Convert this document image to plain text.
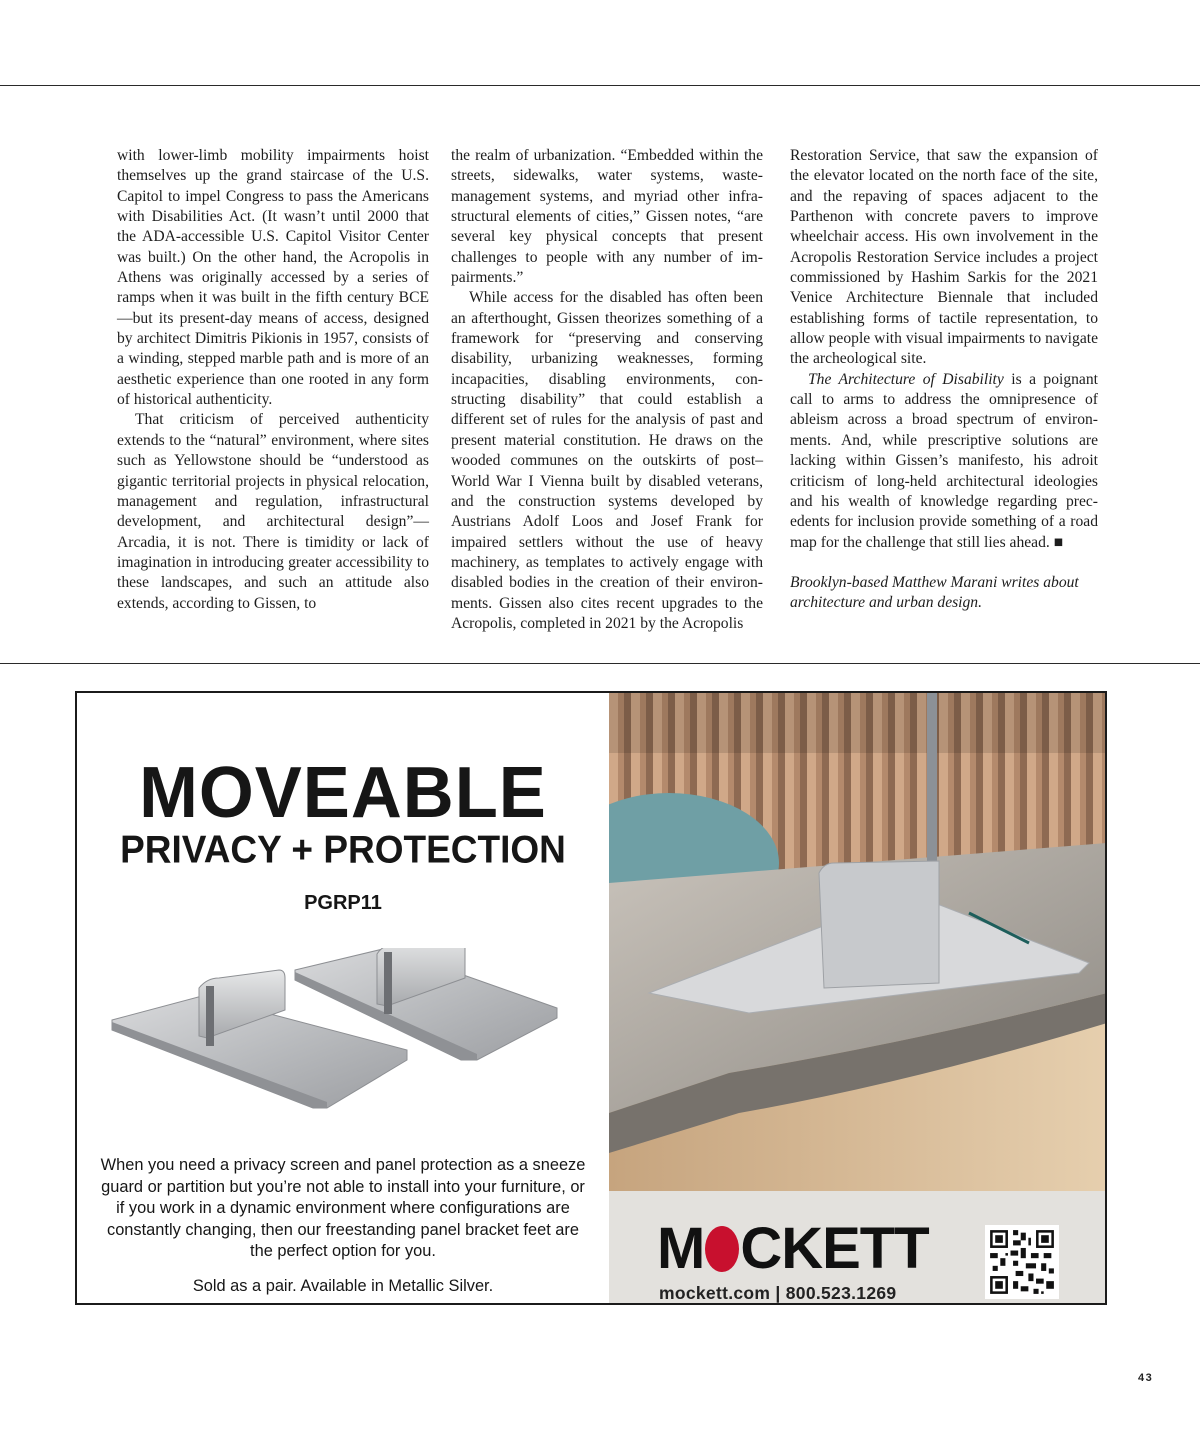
with lower-limb mobility impairments hoist themselves up the grand staircase of the U.S. Capitol to impel Congress to pass the Americans with Disabilities Act. (It wasn’t until 2000 that the ADA-accessible U.S. Capitol Visitor Center was built.) On the other hand, the Acropolis in Athens was originally accessed by a series of ramps when it was built in the fifth century BCE—but its present-day means of access, designed by architect Dimitris Pikionis in 1957, consists of a winding, stepped marble path and is more of an aesthetic experience than one rooted in any form of historical authenticity.

That criticism of perceived authenticity extends to the “natural” environment, where sites such as Yellowstone should be “understood as gigantic territorial projects in physical relocation, management and regulation, infrastructural development, and architectural design”—Arcadia, it is not. There is timidity or lack of imagination in introducing greater accessibility to these landscapes, and such an attitude also extends, according to Gissen, to

the realm of urbanization. “Embedded within the streets, sidewalks, water systems, wastemanagement systems, and myriad other infrastructural elements of cities,” Gissen notes, “are several key physical concepts that present challenges to people with any number of impairments.”

While access for the disabled has often been an afterthought, Gissen theorizes something of a framework for “preserving and conserving disability, urbanizing weaknesses, forming incapacities, disabling environments, constructing disability” that could establish a different set of rules for the analysis of past and present material constitution. He draws on the wooded communes on the outskirts of post–World War I Vienna built by disabled veterans, and the construction systems developed by Austrians Adolf Loos and Josef Frank for impaired settlers without the use of heavy machinery, as templates to actively engage with disabled bodies in the creation of their environments. Gissen also cites recent upgrades to the Acropolis, completed in 2021 by the Acropolis

Restoration Service, that saw the expansion of the elevator located on the north face of the site, and the repaving of spaces adjacent to the Parthenon with concrete pavers to improve wheelchair access. His own involvement in the Acropolis Restoration Service includes a project commissioned by Hashim Sarkis for the 2021 Venice Architecture Biennale that included establishing forms of tactile representation, to allow people with visual impairments to navigate the archeological site.

The Architecture of Disability is a poignant call to arms to address the omnipresence of ableism across a broad spectrum of environments. And, while prescriptive solutions are lacking within Gissen’s manifesto, his adroit criticism of long-held architectural ideologies and his wealth of knowledge regarding precedents for inclusion provide something of a road map for the challenge that still lies ahead. ■

Brooklyn-based Matthew Marani writes about architecture and urban design.

MOVEABLE
PRIVACY + PROTECTION
PGRP11
When you need a privacy screen and panel protection as a sneeze guard or partition but you’re not able to install into your furniture, or if you work in a dynamic environment where configurations are constantly changing, then our freestanding panel bracket feet are the perfect option for you.
Sold as a pair. Available in Metallic Silver.
M CKETT
mockett.com | 800.523.1269
43
